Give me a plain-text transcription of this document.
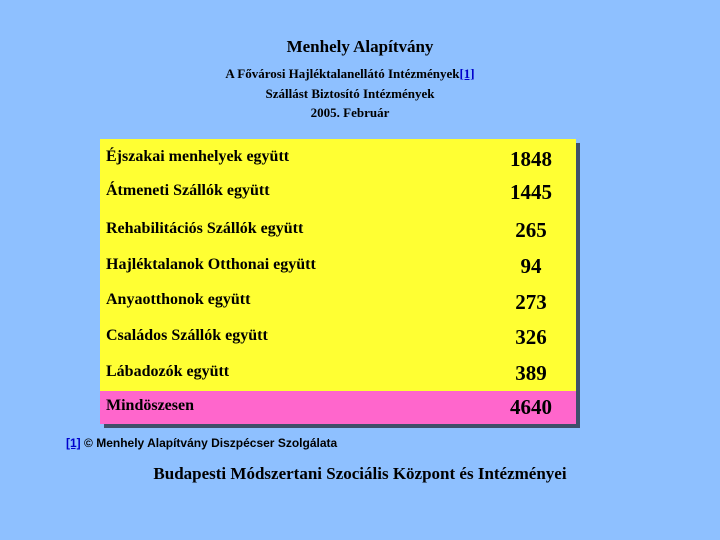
Menhely Alapítvány
A Fővárosi Hajléktalanellátó Intézmények[1]
Szállást Biztosító Intézmények
2005. Február
Éjszakai menhelyek együtt	1848
Átmeneti Szállók együtt	1445
Rehabilitációs Szállók együtt	265
Hajléktalanok Otthonai együtt	94
Anyaotthonok együtt	273
Családos Szállók együtt	326
Lábadozók együtt	389
Mindöszesen	4640
[1] © Menhely Alapítvány Diszpécser Szolgálata
Budapesti Módszertani Szociális Központ és Intézményei
